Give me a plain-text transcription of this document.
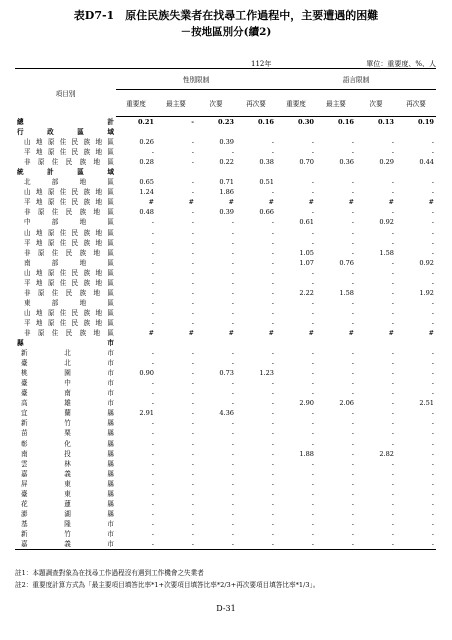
表D7-1　原住民族失業者在找尋工作過程中，主要遭遇的困難
－按地區別分(續2)
112年	單位：重要度、%、人
項目別	性別限制				語言限制			
	重要度	最主要	次要	再次要	重要度	最主要	次要	再次要
總　　　　　計	0.21	-	0.23	0.16	0.30	0.16	0.13	0.19
行　政　區　域								
山地原住民族地區	0.26	-	0.39	-	-	-	-	-
平地原住民族地區	-	-	-	-	-	-	-	-
非原住民族地區	0.28	-	0.22	0.38	0.70	0.36	0.29	0.44
統　計　區　域								
北　部　地　區	0.65	-	0.71	0.51	-	-	-	-
山地原住民族地區	1.24	-	1.86	-	-	-	-	-
平地原住民族地區	#	#	#	#	#	#	#	#
非原住民族地區	0.48	-	0.39	0.66	-	-	-	-
中　部　地　區	-	-	-	-	0.61	-	0.92	-
山地原住民族地區	-	-	-	-	-	-	-	-
平地原住民族地區	-	-	-	-	-	-	-	-
非原住民族地區	-	-	-	-	1.05	-	1.58	-
南　部　地　區	-	-	-	-	1.07	0.76	-	0.92
山地原住民族地區	-	-	-	-	-	-	-	-
平地原住民族地區	-	-	-	-	-	-	-	-
非原住民族地區	-	-	-	-	2.22	1.58	-	1.92
東　部　地　區	-	-	-	-	-	-	-	-
山地原住民族地區	-	-	-	-	-	-	-	-
平地原住民族地區	-	-	-	-	-	-	-	-
非原住民族地區	#	#	#	#	#	#	#	#
縣　　　　　市								
新　北　市	-	-	-	-	-	-	-	-
臺　北　市	-	-	-	-	-	-	-	-
桃　園　市	0.90	-	0.73	1.23	-	-	-	-
臺　中　市	-	-	-	-	-	-	-	-
臺　南　市	-	-	-	-	-	-	-	-
高　雄　市	-	-	-	-	2.90	2.06	-	2.51
宜　蘭　縣	2.91	-	4.36	-	-	-	-	-
新　竹　縣	-	-	-	-	-	-	-	-
苗　栗　縣	-	-	-	-	-	-	-	-
彰　化　縣	-	-	-	-	-	-	-	-
南　投　縣	-	-	-	-	1.88	-	2.82	-
雲　林　縣	-	-	-	-	-	-	-	-
嘉　義　縣	-	-	-	-	-	-	-	-
屏　東　縣	-	-	-	-	-	-	-	-
臺　東　縣	-	-	-	-	-	-	-	-
花　蓮　縣	-	-	-	-	-	-	-	-
澎　湖　縣	-	-	-	-	-	-	-	-
基　隆　市	-	-	-	-	-	-	-	-
新　竹　市	-	-	-	-	-	-	-	-
嘉　義　市	-	-	-	-	-	-	-	-
註1：本題調查對象為在找尋工作過程沒有遇到工作機會之失業者
註2：重要度計算方式為「最主要項目填答比率*1+次要項目填答比率*2/3+再次要項目填答比率*1/3」。
D-31
